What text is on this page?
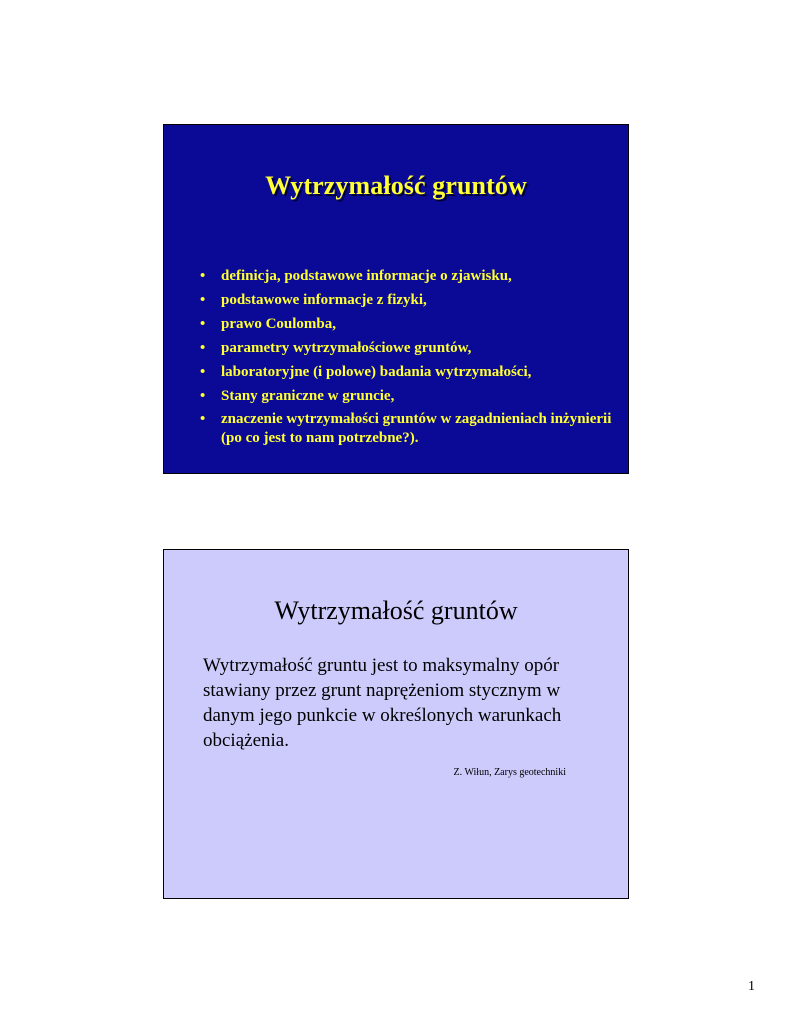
Wytrzymałość gruntów
• definicja, podstawowe informacje o zjawisku,
• podstawowe informacje z fizyki,
• prawo Coulomba,
• parametry wytrzymałościowe gruntów,
• laboratoryjne (i polowe) badania wytrzymałości,
• Stany graniczne w gruncie,
• znaczenie wytrzymałości gruntów w zagadnieniach inżynierii (po co jest to nam potrzebne?).
Wytrzymałość gruntów
Wytrzymałość gruntu jest to maksymalny opór stawiany przez grunt naprężeniom stycznym w danym jego punkcie w określonych warunkach obciążenia.
Z. Wiłun, Zarys geotechniki
1
